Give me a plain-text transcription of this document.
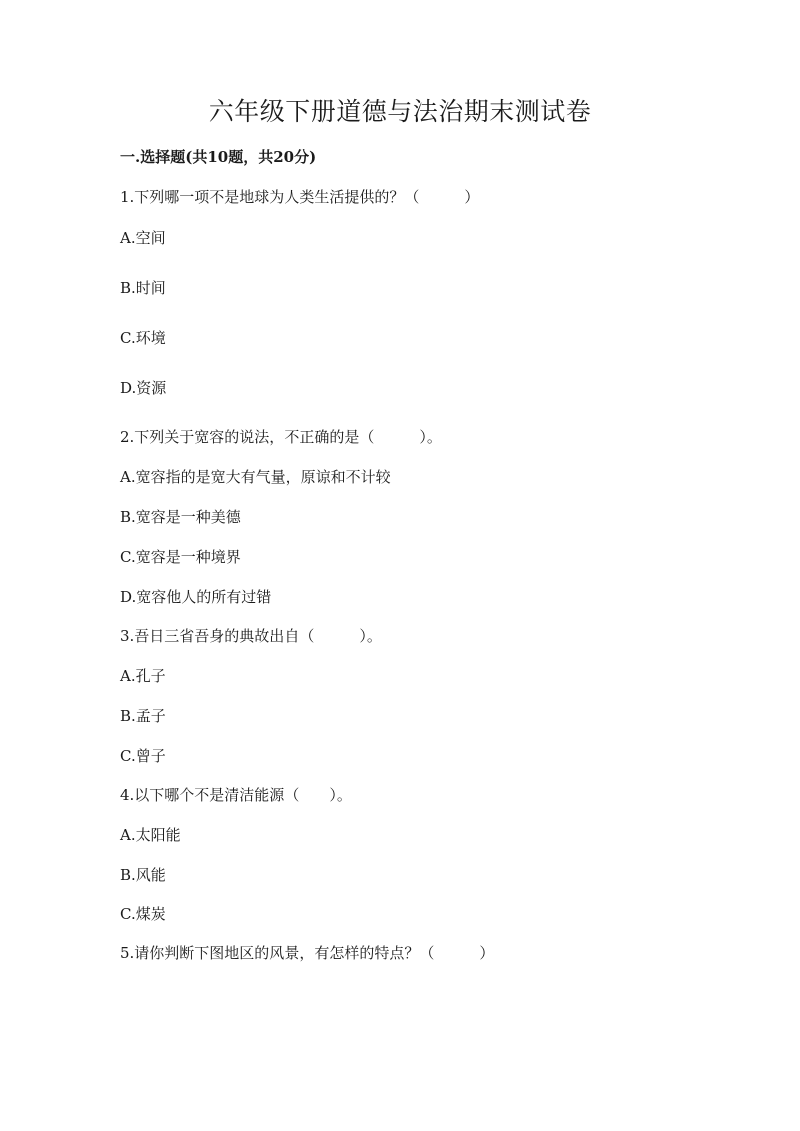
六年级下册道德与法治期末测试卷

一.选择题(共10题，共20分)

1.下列哪一项不是地球为人类生活提供的？（　　　）

A.空间

B.时间

C.环境

D.资源

2.下列关于宽容的说法，不正确的是（　　　）。

A.宽容指的是宽大有气量，原谅和不计较

B.宽容是一种美德

C.宽容是一种境界

D.宽容他人的所有过错

3.吾日三省吾身的典故出自（　　　）。

A.孔子

B.孟子

C.曾子

4.以下哪个不是清洁能源（　　）。

A.太阳能

B.风能

C.煤炭

5.请你判断下图地区的风景，有怎样的特点？（　　　）
